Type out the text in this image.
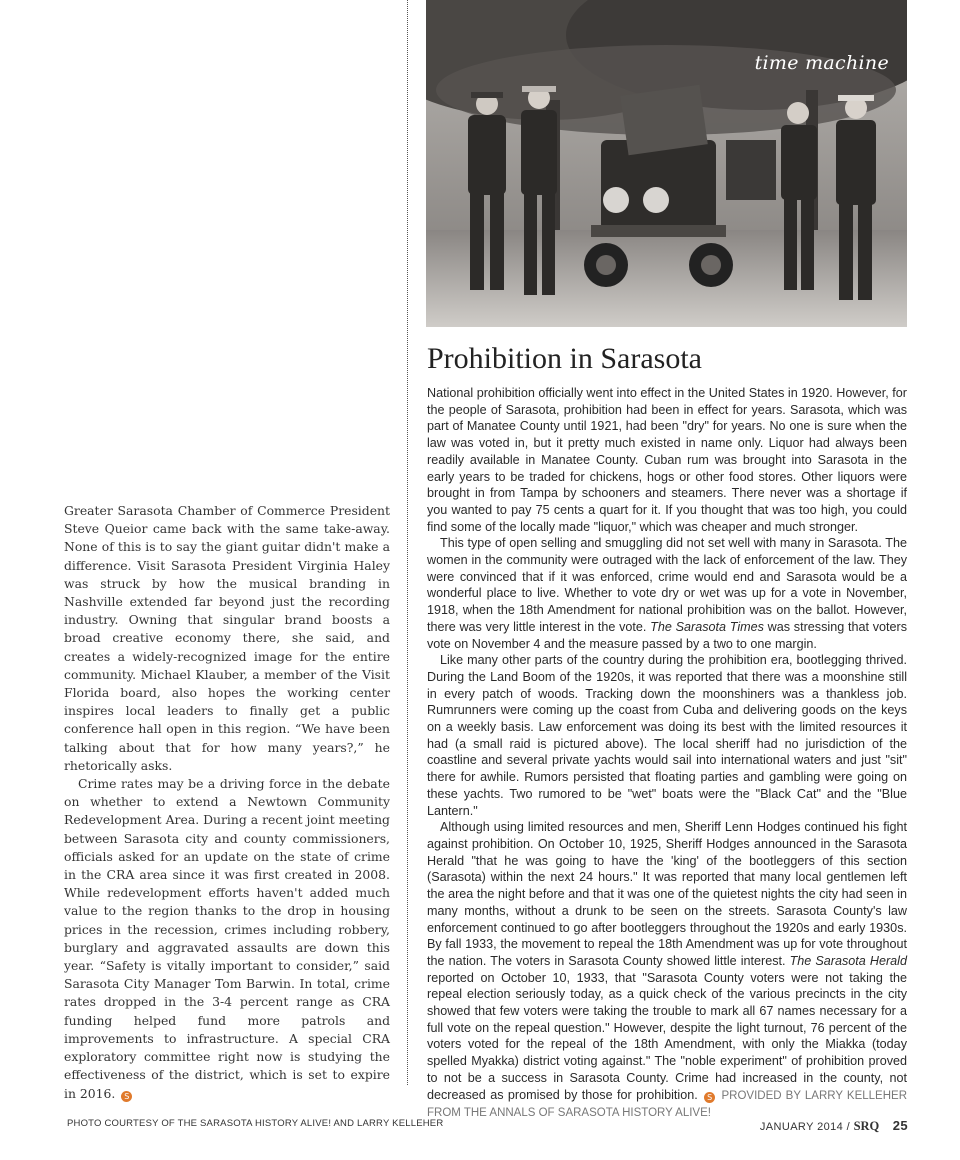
Greater Sarasota Chamber of Commerce President Steve Queior came back with the same take-away. None of this is to say the giant guitar didn't make a difference. Visit Sarasota President Virginia Haley was struck by how the musical branding in Nashville extended far beyond just the recording industry. Owning that singular brand boosts a broad creative economy there, she said, and creates a widely-recognized image for the entire community. Michael Klauber, a member of the Visit Florida board, also hopes the working center inspires local leaders to finally get a public conference hall open in this region. “We have been talking about that for how many years?,” he rhetorically asks.

Crime rates may be a driving force in the debate on whether to extend a Newtown Community Redevelopment Area. During a recent joint meeting between Sarasota city and county commissioners, officials asked for an update on the state of crime in the CRA area since it was first created in 2008. While redevelopment efforts haven't added much value to the region thanks to the drop in housing prices in the recession, crimes including robbery, burglary and aggravated assaults are down this year. “Safety is vitally important to consider,” said Sarasota City Manager Tom Barwin. In total, crime rates dropped in the 3-4 percent range as CRA funding helped fund more patrols and improvements to infrastructure. A special CRA exploratory committee right now is studying the effectiveness of the district, which is set to expire in 2016. S

time machine
Prohibition in Sarasota

National prohibition officially went into effect in the United States in 1920. However, for the people of Sarasota, prohibition had been in effect for years. Sarasota, which was part of Manatee County until 1921, had been "dry" for years. No one is sure when the law was voted in, but it pretty much existed in name only. Liquor had always been readily available in Manatee County. Cuban rum was brought into Sarasota in the early years to be traded for chickens, hogs or other food stores. Other liquors were brought in from Tampa by schooners and steamers. There never was a shortage if you wanted to pay 75 cents a quart for it. If you thought that was too high, you could find some of the locally made "liquor," which was cheaper and much stronger.

This type of open selling and smuggling did not set well with many in Sarasota. The women in the community were outraged with the lack of enforcement of the law. They were convinced that if it was enforced, crime would end and Sarasota would be a wonderful place to live. Whether to vote dry or wet was up for a vote in November, 1918, when the 18th Amendment for national prohibition was on the ballot. However, there was very little interest in the vote. The Sarasota Times was stressing that voters vote on November 4 and the measure passed by a two to one margin.

Like many other parts of the country during the prohibition era, bootlegging thrived. During the Land Boom of the 1920s, it was reported that there was a moonshine still in every patch of woods. Tracking down the moonshiners was a thankless job. Rumrunners were coming up the coast from Cuba and delivering goods on the keys on a weekly basis. Law enforcement was doing its best with the limited resources it had (a small raid is pictured above). The local sheriff had no jurisdiction of the coastline and several private yachts would sail into international waters and just "sit" there for awhile. Rumors persisted that floating parties and gambling were going on these yachts. Two rumored to be "wet" boats were the "Black Cat" and the "Blue Lantern."

Although using limited resources and men, Sheriff Lenn Hodges continued his fight against prohibition. On October 10, 1925, Sheriff Hodges announced in the Sarasota Herald "that he was going to have the 'king' of the bootleggers of this section (Sarasota) within the next 24 hours." It was reported that many local gentlemen left the area the night before and that it was one of the quietest nights the city had seen in many months, without a drunk to be seen on the streets. Sarasota County's law enforcement continued to go after bootleggers throughout the 1920s and early 1930s. By fall 1933, the movement to repeal the 18th Amendment was up for vote throughout the nation. The voters in Sarasota County showed little interest. The Sarasota Herald reported on October 10, 1933, that "Sarasota County voters were not taking the repeal election seriously today, as a quick check of the various precincts in the city showed that few voters were taking the trouble to mark all 67 names necessary for a full vote on the repeal question." However, despite the light turnout, 76 percent of the voters voted for the repeal of the 18th Amendment, with only the Miakka (today spelled Myakka) district voting against." The "noble experiment" of prohibition proved to not be a success in Sarasota County. Crime had increased in the county, not decreased as promised by those for prohibition. S PROVIDED BY LARRY KELLEHER FROM THE ANNALS OF SARASOTA HISTORY ALIVE!

PHOTO COURTESY OF THE SARASOTA HISTORY ALIVE! AND LARRY KELLEHER	JANUARY 2014 / SRQ 25
